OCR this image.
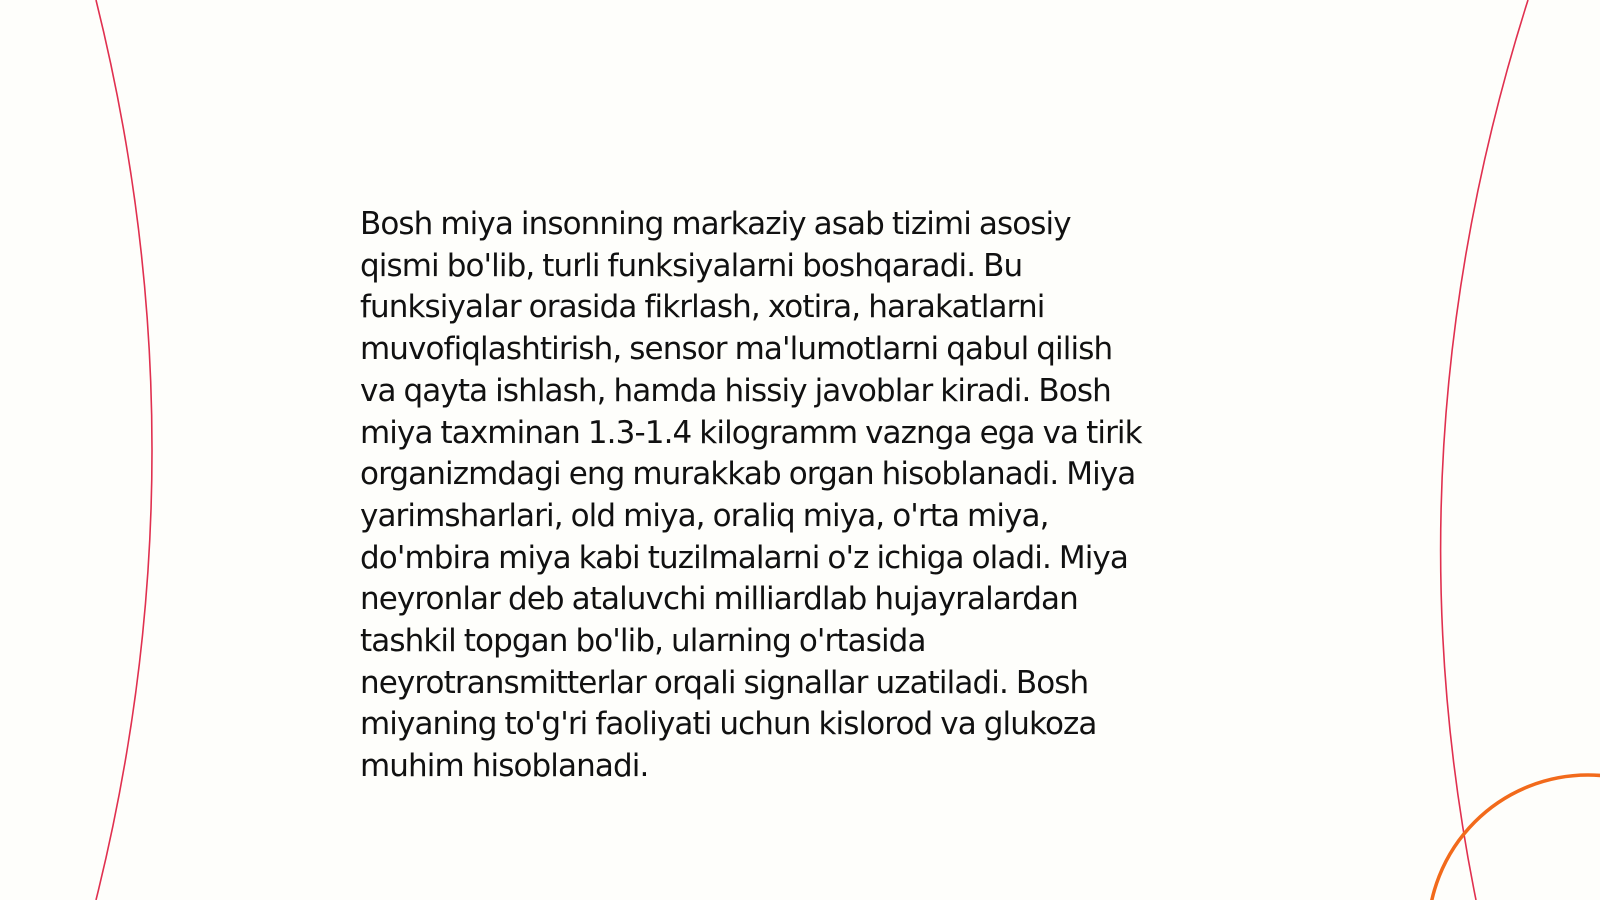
Bosh miya insonning markaziy asab tizimi asosiy
qismi bo'lib, turli funksiyalarni boshqaradi. Bu
funksiyalar orasida fikrlash, xotira, harakatlarni
muvofiqlashtirish, sensor ma'lumotlarni qabul qilish
va qayta ishlash, hamda hissiy javoblar kiradi. Bosh
miya taxminan 1.3-1.4 kilogramm vaznga ega va tirik
organizmdagi eng murakkab organ hisoblanadi. Miya
yarimsharlari, old miya, oraliq miya, o'rta miya,
do'mbira miya kabi tuzilmalarni o'z ichiga oladi. Miya
neyronlar deb ataluvchi milliardlab hujayralardan
tashkil topgan bo'lib, ularning o'rtasida
neyrotransmitterlar orqali signallar uzatiladi. Bosh
miyaning to'g'ri faoliyati uchun kislorod va glukoza
muhim hisoblanadi.
